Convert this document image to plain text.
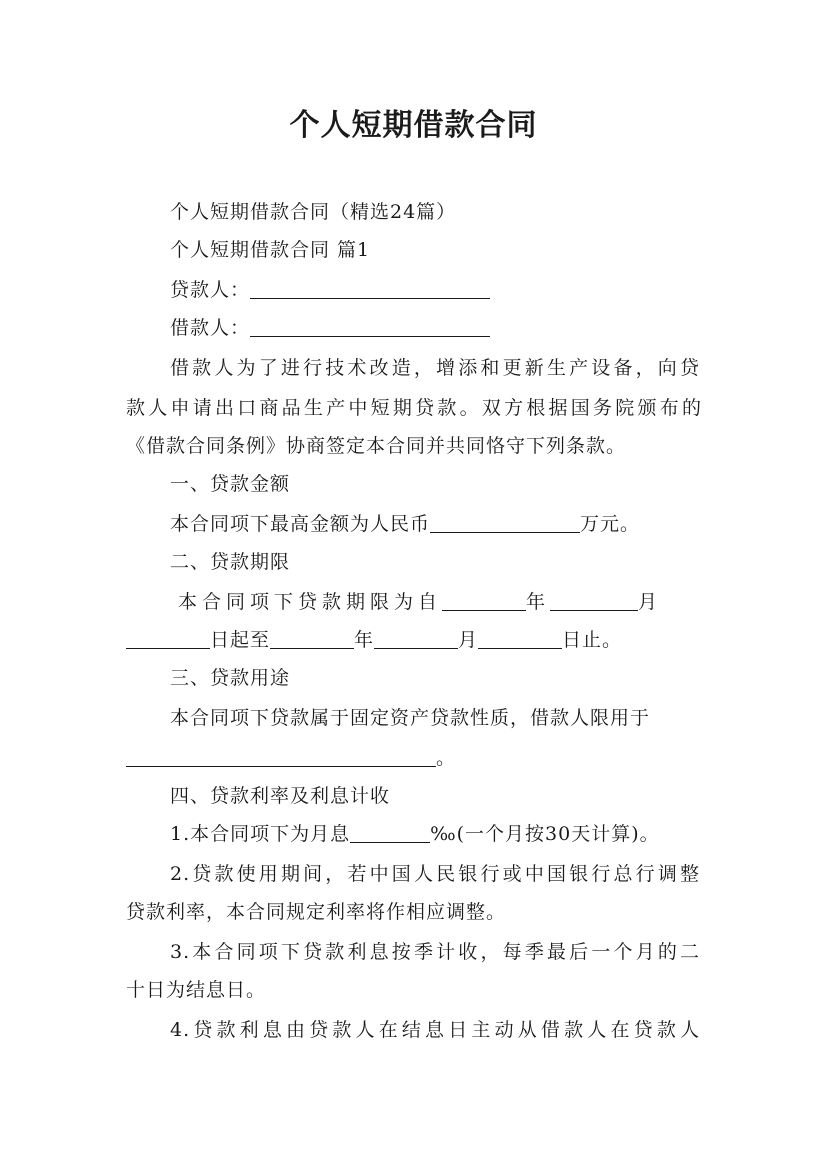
个人短期借款合同

个人短期借款合同（精选24篇）

个人短期借款合同 篇1

贷款人：

借款人：

借款人为了进行技术改造，增添和更新生产设备，向贷

款人申请出口商品生产中短期贷款。双方根据国务院颁布的

《借款合同条例》协商签定本合同并共同恪守下列条款。

一、贷款金额

本合同项下最高金额为人民币	万元。

二、贷款期限

本合同项下贷款期限为自	年	月

日起至	年	月	日止。

三、贷款用途

本合同项下贷款属于固定资产贷款性质，借款人限用于

。

四、贷款利率及利息计收

1.本合同项下为月息	‰(一个月按30天计算)。

2.贷款使用期间，若中国人民银行或中国银行总行调整

贷款利率，本合同规定利率将作相应调整。

3.本合同项下贷款利息按季计收，每季最后一个月的二

十日为结息日。

4.贷款利息由贷款人在结息日主动从借款人在贷款人
